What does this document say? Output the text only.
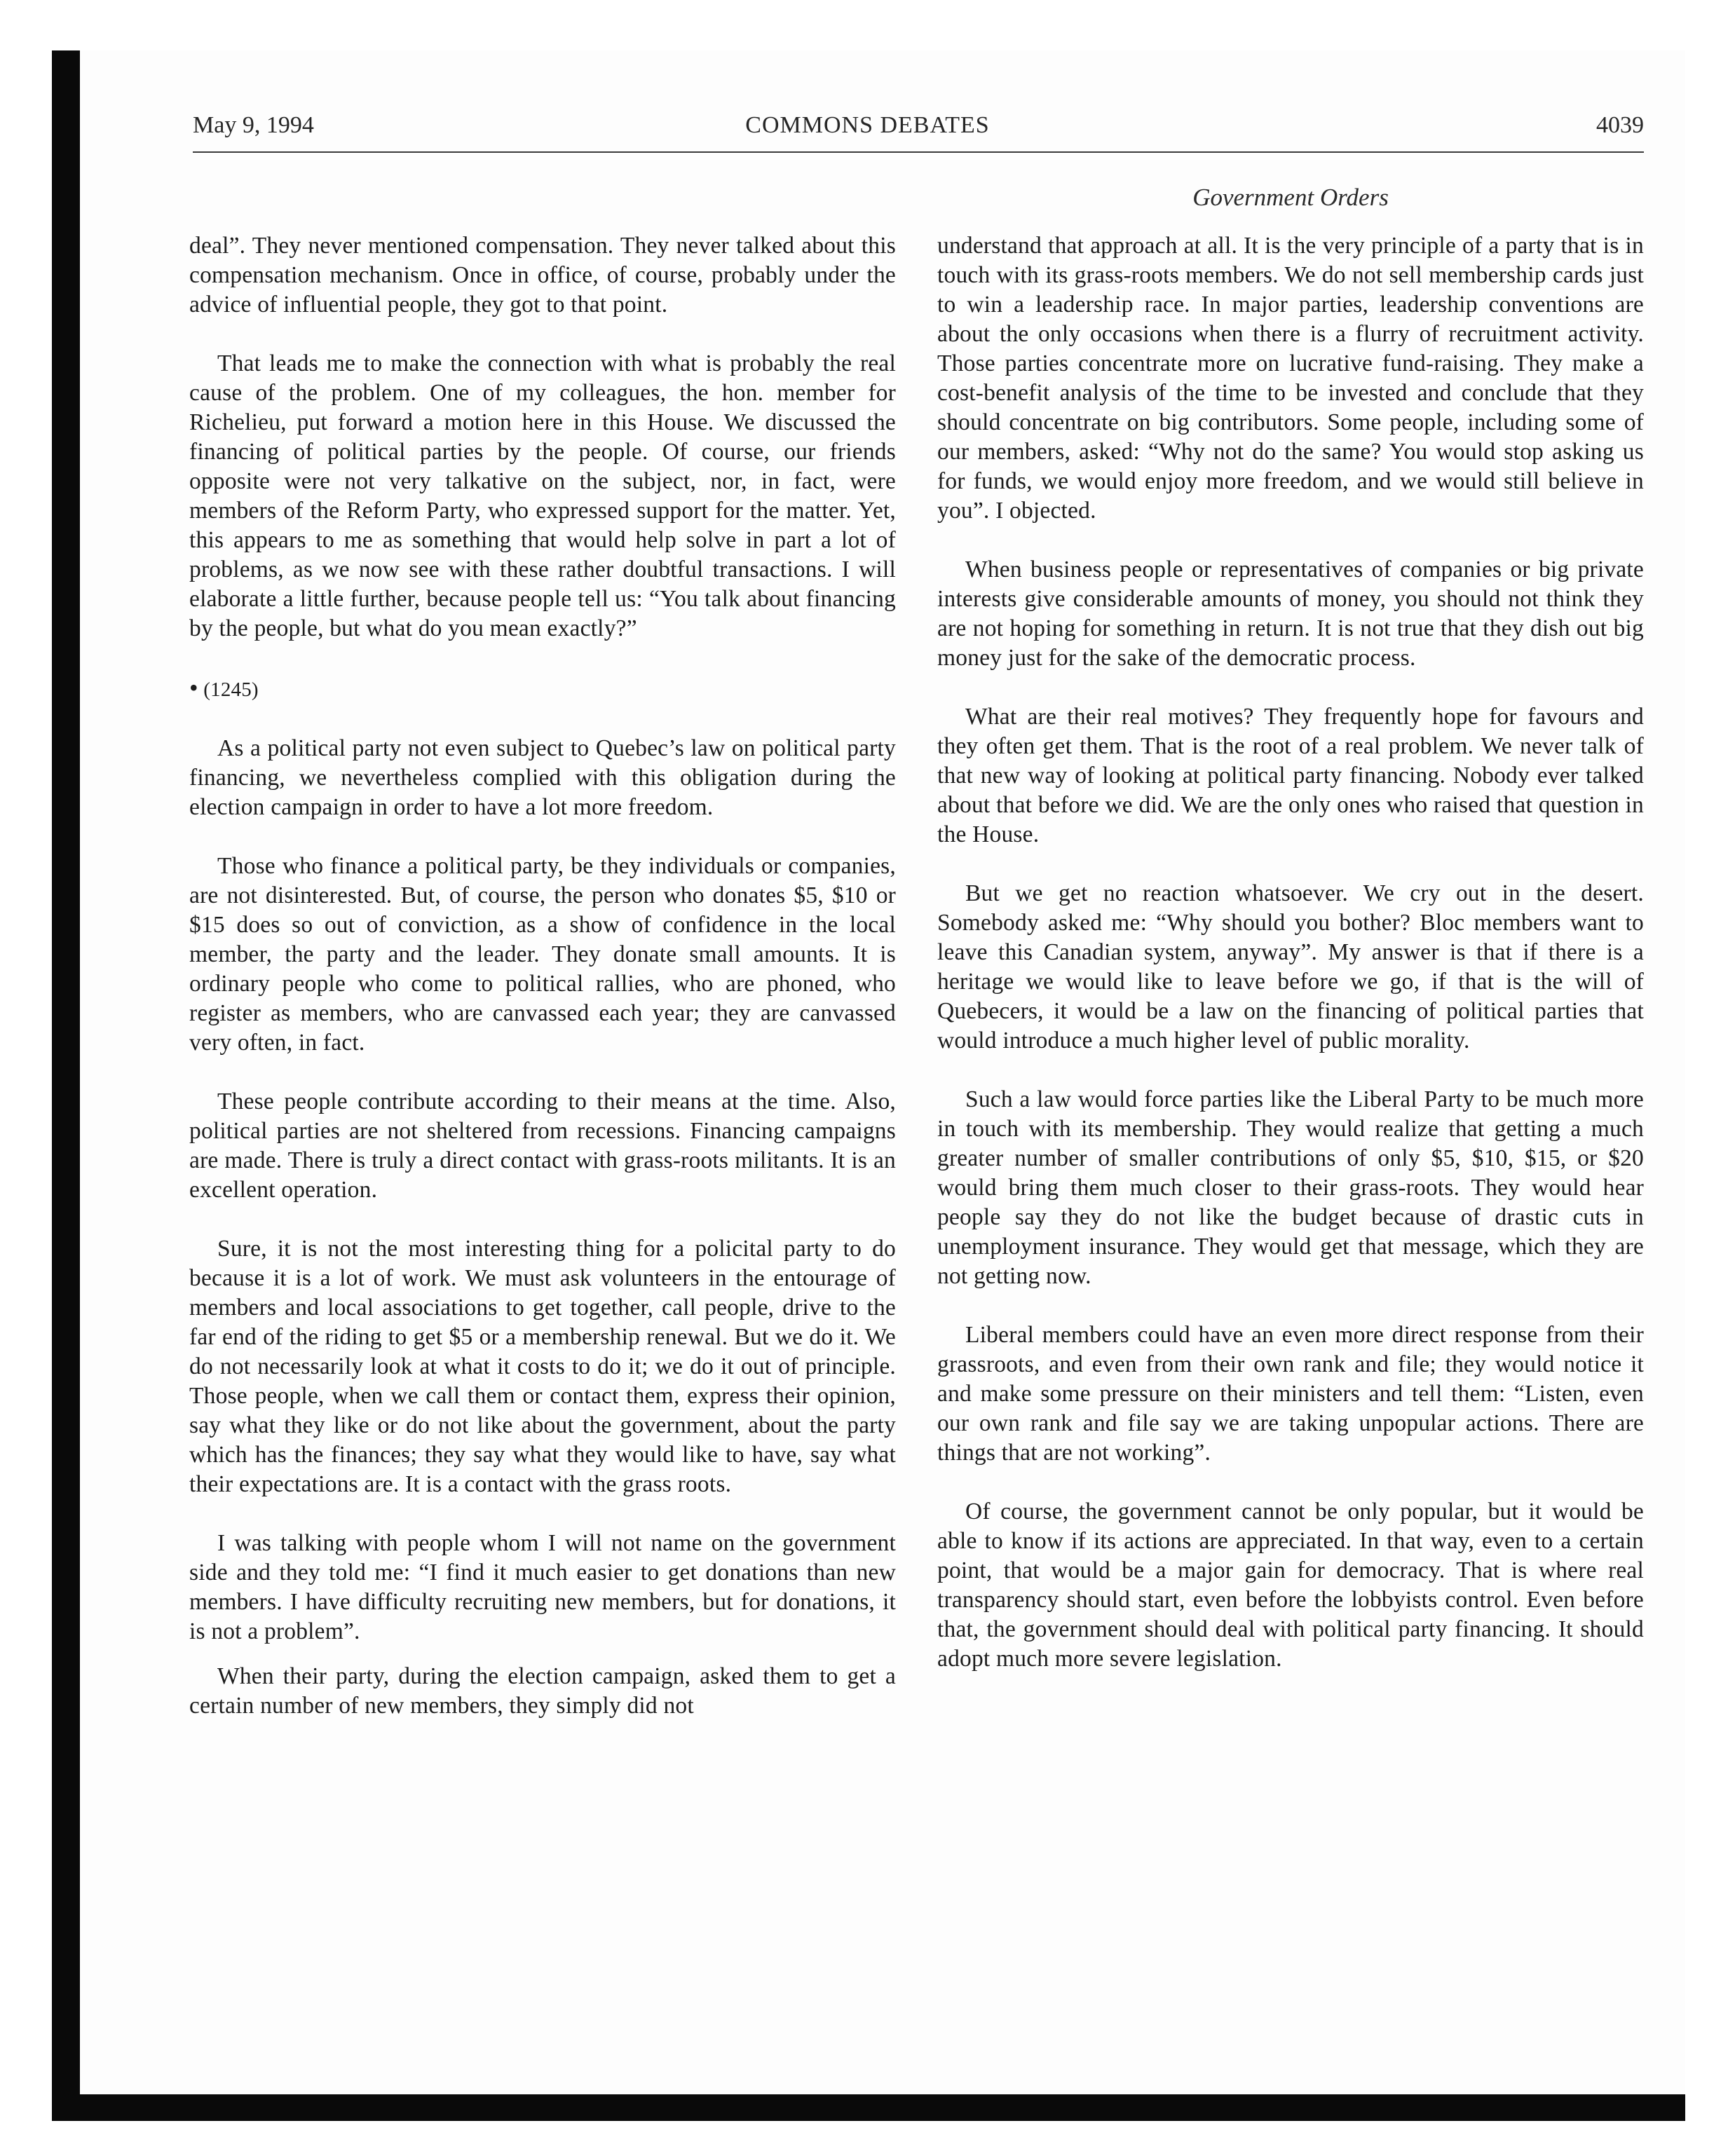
May 9, 1994	COMMONS DEBATES	4039
Government Orders

deal”. They never mentioned compensation. They never talked about this compensation mechanism. Once in office, of course, probably under the advice of influential people, they got to that point.

That leads me to make the connection with what is probably the real cause of the problem. One of my colleagues, the hon. member for Richelieu, put forward a motion here in this House. We discussed the financing of political parties by the people. Of course, our friends opposite were not very talkative on the subject, nor, in fact, were members of the Reform Party, who expressed support for the matter. Yet, this appears to me as something that would help solve in part a lot of problems, as we now see with these rather doubtful transactions. I will elaborate a little further, because people tell us: “You talk about financing by the people, but what do you mean exactly?”

• (1245)

As a political party not even subject to Quebec’s law on political party financing, we nevertheless complied with this obligation during the election campaign in order to have a lot more freedom.

Those who finance a political party, be they individuals or companies, are not disinterested. But, of course, the person who donates $5, $10 or $15 does so out of conviction, as a show of confidence in the local member, the party and the leader. They donate small amounts. It is ordinary people who come to political rallies, who are phoned, who register as members, who are canvassed each year; they are canvassed very often, in fact.

These people contribute according to their means at the time. Also, political parties are not sheltered from recessions. Financing campaigns are made. There is truly a direct contact with grass-roots militants. It is an excellent operation.

Sure, it is not the most interesting thing for a policital party to do because it is a lot of work. We must ask volunteers in the entourage of members and local associations to get together, call people, drive to the far end of the riding to get $5 or a membership renewal. But we do it. We do not necessarily look at what it costs to do it; we do it out of principle. Those people, when we call them or contact them, express their opinion, say what they like or do not like about the government, about the party which has the finances; they say what they would like to have, say what their expectations are. It is a contact with the grass roots.

I was talking with people whom I will not name on the government side and they told me: “I find it much easier to get donations than new members. I have difficulty recruiting new members, but for donations, it is not a problem”.

When their party, during the election campaign, asked them to get a certain number of new members, they simply did not

understand that approach at all. It is the very principle of a party that is in touch with its grass-roots members. We do not sell membership cards just to win a leadership race. In major parties, leadership conventions are about the only occasions when there is a flurry of recruitment activity. Those parties concentrate more on lucrative fund-raising. They make a cost-benefit analysis of the time to be invested and conclude that they should concentrate on big contributors. Some people, including some of our members, asked: “Why not do the same? You would stop asking us for funds, we would enjoy more freedom, and we would still believe in you”. I objected.

When business people or representatives of companies or big private interests give considerable amounts of money, you should not think they are not hoping for something in return. It is not true that they dish out big money just for the sake of the democratic process.

What are their real motives? They frequently hope for favours and they often get them. That is the root of a real problem. We never talk of that new way of looking at political party financing. Nobody ever talked about that before we did. We are the only ones who raised that question in the House.

But we get no reaction whatsoever. We cry out in the desert. Somebody asked me: “Why should you bother? Bloc members want to leave this Canadian system, anyway”. My answer is that if there is a heritage we would like to leave before we go, if that is the will of Quebecers, it would be a law on the financing of political parties that would introduce a much higher level of public morality.

Such a law would force parties like the Liberal Party to be much more in touch with its membership. They would realize that getting a much greater number of smaller contributions of only $5, $10, $15, or $20 would bring them much closer to their grass-roots. They would hear people say they do not like the budget because of drastic cuts in unemployment insurance. They would get that message, which they are not getting now.

Liberal members could have an even more direct response from their grassroots, and even from their own rank and file; they would notice it and make some pressure on their ministers and tell them: “Listen, even our own rank and file say we are taking unpopular actions. There are things that are not working”.

Of course, the government cannot be only popular, but it would be able to know if its actions are appreciated. In that way, even to a certain point, that would be a major gain for democracy. That is where real transparency should start, even before the lobbyists control. Even before that, the government should deal with political party financing. It should adopt much more severe legislation.
